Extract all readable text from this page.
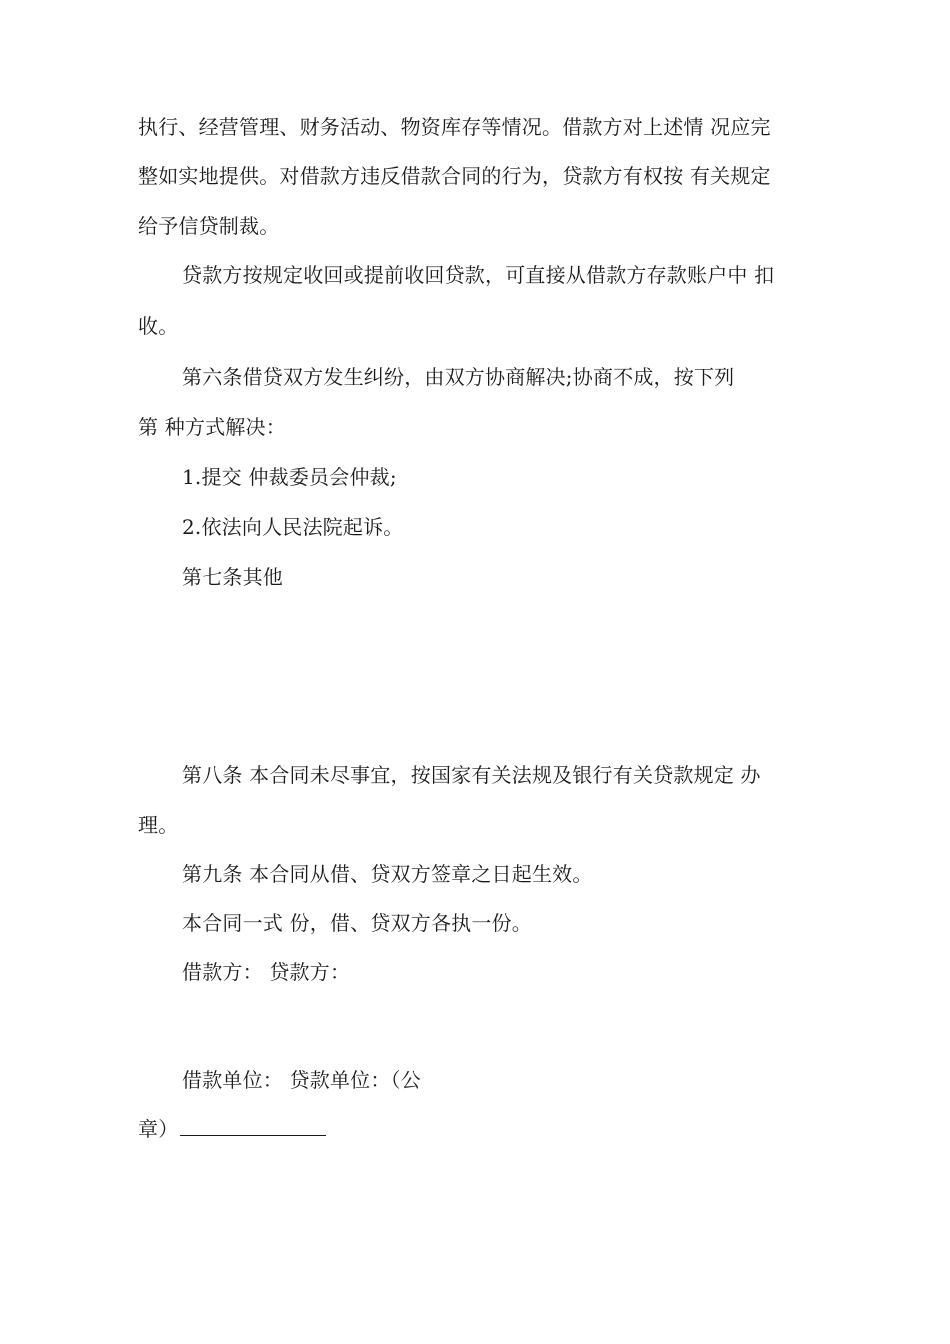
执行、经营管理、财务活动、物资库存等情况。借款方对上述情 况应完
整如实地提供。对借款方违反借款合同的行为，贷款方有权按 有关规定
给予信贷制裁。
贷款方按规定收回或提前收回贷款，可直接从借款方存款账户中 扣
收。
第六条借贷双方发生纠纷，由双方协商解决;协商不成，按下列
第 种方式解决：
1.提交 仲裁委员会仲裁;
2.依法向人民法院起诉。
第七条其他
第八条 本合同未尽事宜，按国家有关法规及银行有关贷款规定 办
理。
第九条 本合同从借、贷双方签章之日起生效。
本合同一式 份，借、贷双方各执一份。
借款方： 贷款方：
借款单位： 贷款单位：（公
章）
